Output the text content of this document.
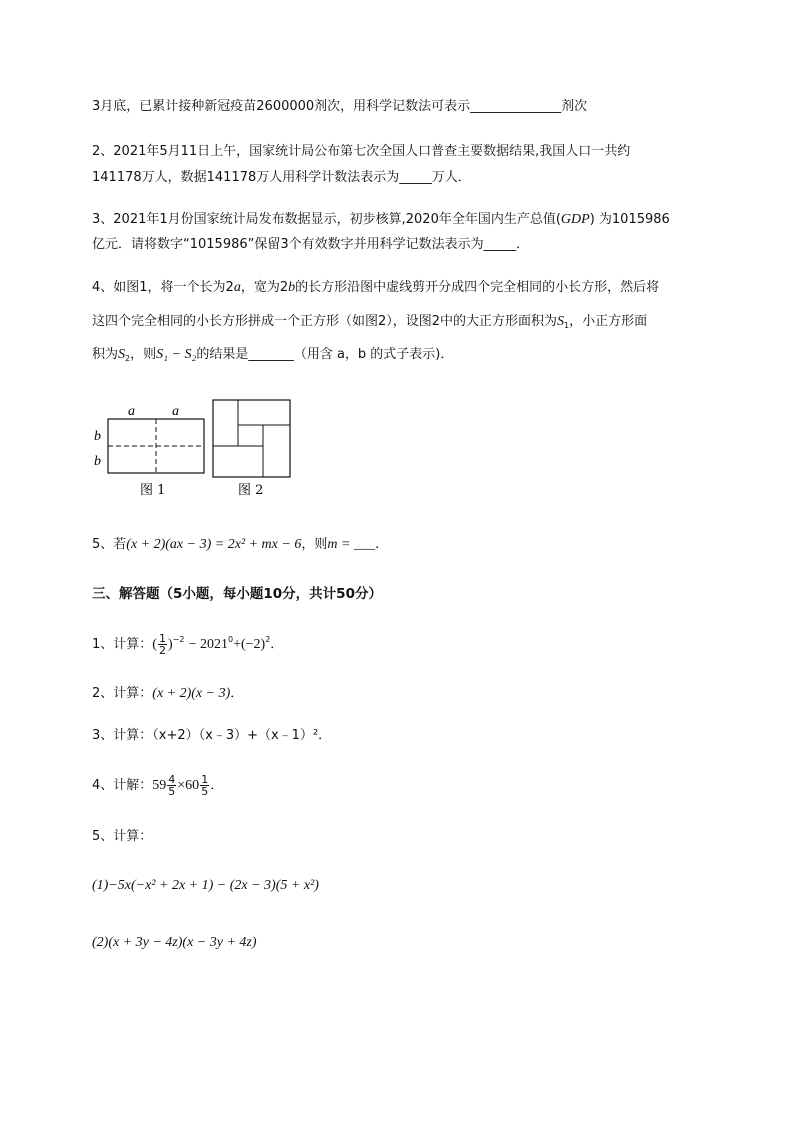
3月底，已累计接种新冠疫苗2600000剂次，用科学记数法可表示______________剂次
2、2021年5月11日上午，国家统计局公布第七次全国人口普查主要数据结果,我国人口一共约
141178万人，数据141178万人用科学计数法表示为_____万人．
3、2021年1月份国家统计局发布数据显示，初步核算,2020年全年国内生产总值(GDP) 为1015986
亿元．请将数字“1015986”保留3个有效数字并用科学记数法表示为_____．
4、如图1，将一个长为2a，宽为2b的长方形沿图中虚线剪开分成四个完全相同的小长方形，然后将
这四个完全相同的小长方形拼成一个正方形（如图2），设图2中的大正方形面积为$S_1$，小正方形面
积为$S_2$，则S₁ − S₂的结果是_______（用含 a，b 的式子表示)．
a	a
b
b
图 1	图 2
5、若(x + 2)(ax − 3) = 2x² + mx − 6，则m = ___．
三、解答题（5小题，每小题10分，共计50分）
1、计算：( $\frac{1}{2} )^{-2} - 2021^0+(-2)^2$．
2、计算：(x + 2)(x − 3)．
3、计算：（x+2）（x﹣3）+（x﹣1）²．
4、计解：$59 \frac{4}{5} \times 60 \frac{1}{5}$ ．
5、计算：
(1)−5x(−x² + 2x + 1) − (2x − 3)(5 + x²)
(2)(x + 3y − 4z)(x − 3y + 4z)
